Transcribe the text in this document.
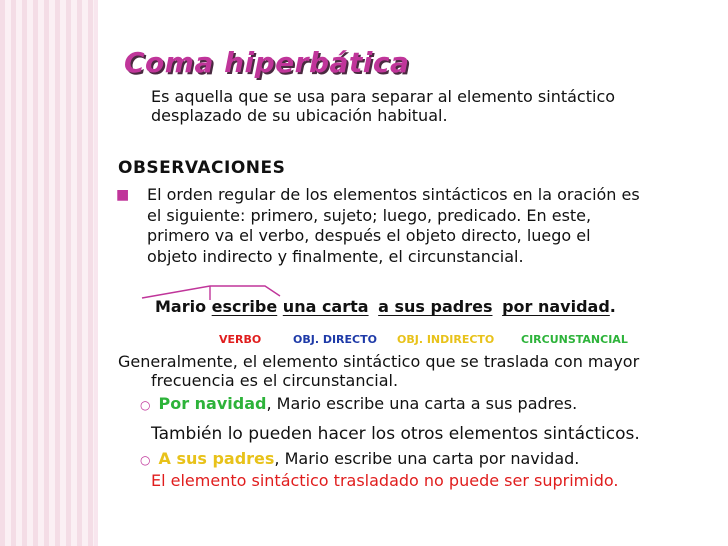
Coma hiperbática
Es aquella que se usa para separar al elemento sintáctico
desplazado de su ubicación habitual.
OBSERVACIONES
■ El orden regular de los elementos sintácticos en la oración es
el siguiente: primero, sujeto; luego, predicado. En este,
primero va el verbo, después el objeto directo, luego el
objeto indirecto y finalmente, el circunstancial.
Mario escribe una carta a sus padres por navidad.
VERBO	OBJ. DIRECTO OBJ. INDIRECTO CIRCUNSTANCIAL
Generalmente, el elemento sintáctico que se traslada con mayor
frecuencia es el circunstancial.
○ Por navidad, Mario escribe una carta a sus padres.
También lo pueden hacer los otros elementos sintácticos.
○ A sus padres, Mario escribe una carta por navidad.
El elemento sintáctico trasladado no puede ser suprimido.
